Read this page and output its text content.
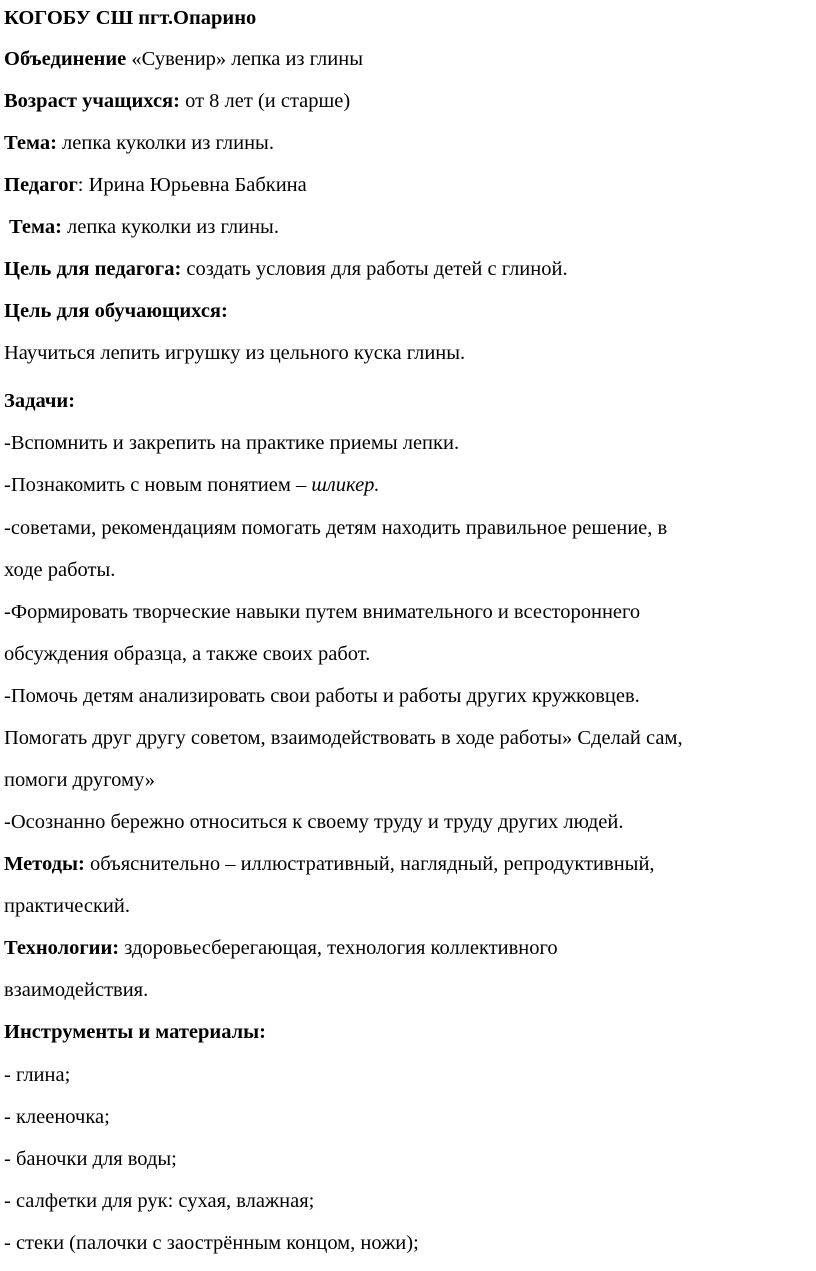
КОГОБУ СШ пгт.Опарино
Объединение «Сувенир» лепка из глины
Возраст учащихся: от 8 лет (и старше)
Тема: лепка куколки из глины.
Педагог: Ирина Юрьевна Бабкина
Тема: лепка куколки из глины.
Цель для педагога: создать условия для работы детей с глиной.
Цель для обучающихся:
Научиться лепить игрушку из цельного куска глины.
Задачи:
-Вспомнить и закрепить на практике приемы лепки.
-Познакомить с новым понятием – шликер.
-советами, рекомендациям помогать детям находить правильное решение, в
ходе работы.
-Формировать творческие навыки путем внимательного и всестороннего
обсуждения образца, а также своих работ.
-Помочь детям анализировать свои работы и работы других кружковцев.
Помогать друг другу советом, взаимодействовать в ходе работы» Сделай сам,
помоги другому»
-Осознанно бережно относиться к своему труду и труду других людей.
Методы: объяснительно – иллюстративный, наглядный, репродуктивный,
практический.
Технологии: здоровьесберегающая, технология коллективного
взаимодействия.
Инструменты и материалы:
- глина;
- клееночка;
- баночки для воды;
- салфетки для рук: сухая, влажная;
- стеки (палочки с заострённым концом, ножи);
